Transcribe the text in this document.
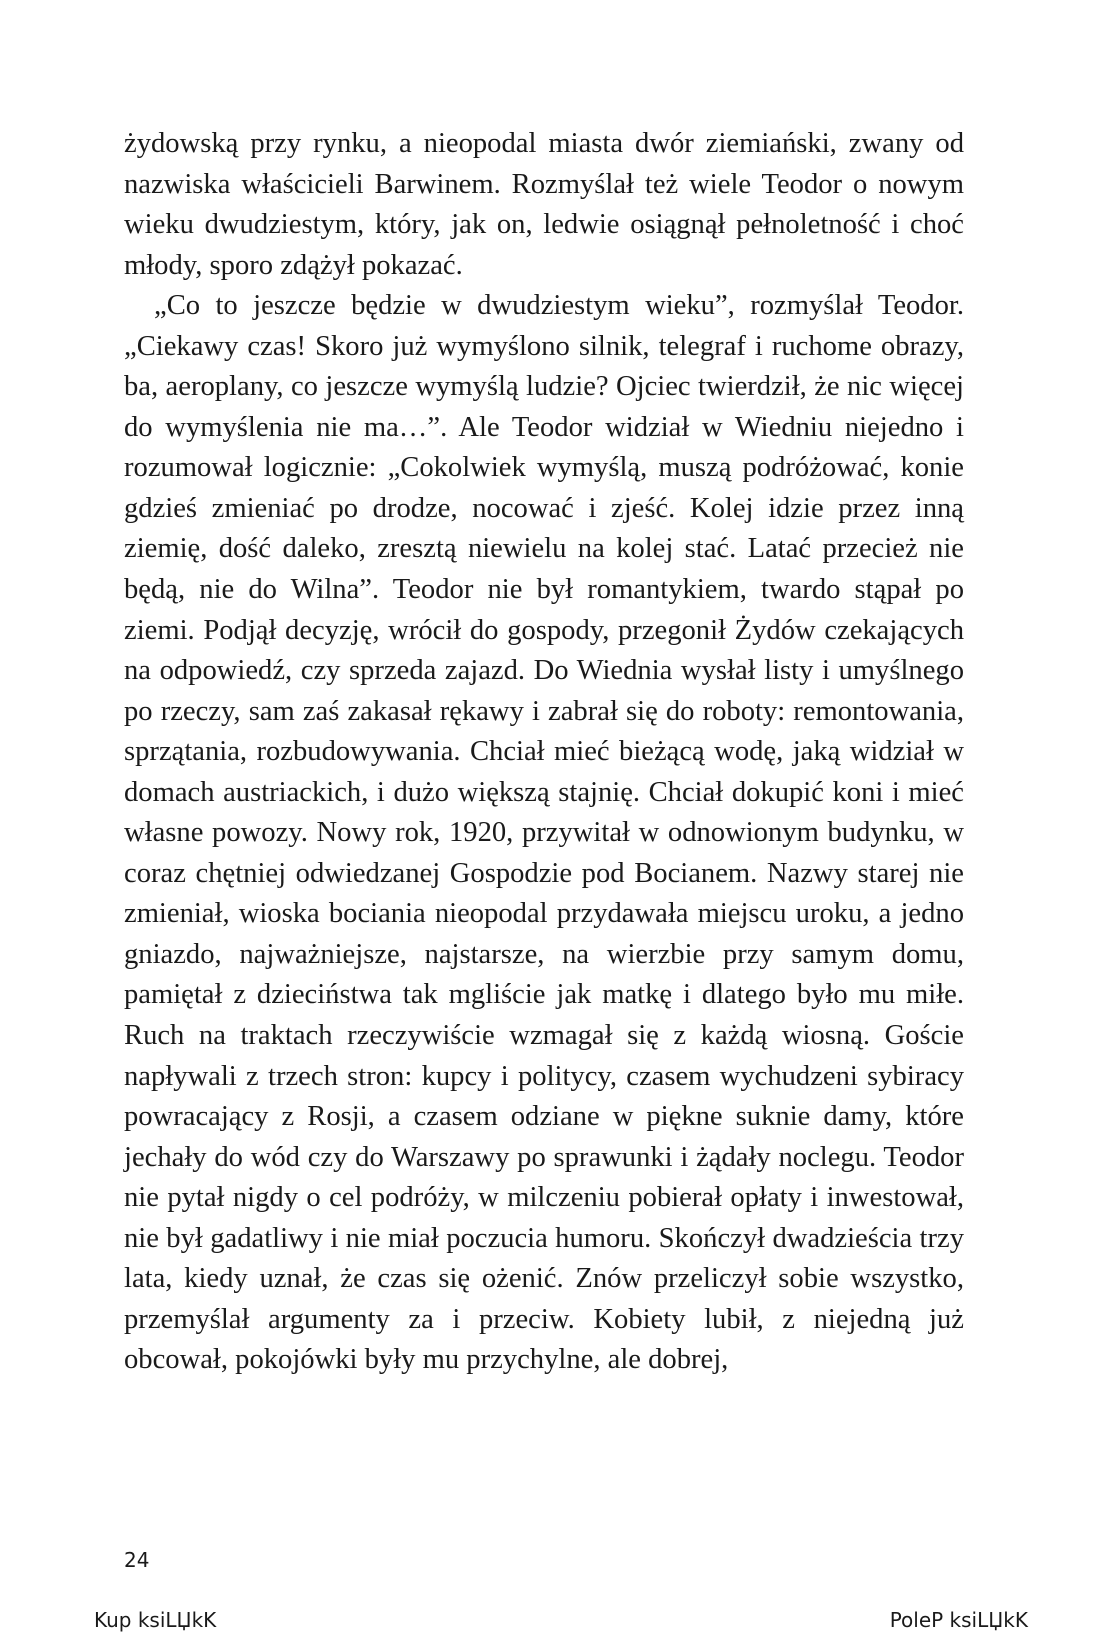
żydowską przy rynku, a nieopodal miasta dwór ziemiański, zwany od nazwiska właścicieli Barwinem. Rozmyślał też wiele Teodor o nowym wieku dwudziestym, który, jak on, ledwie osiągnął pełnoletność i choć młody, sporo zdążył pokazać.

„Co to jeszcze będzie w dwudziestym wieku”, rozmyślał Teodor. „Ciekawy czas! Skoro już wymyślono silnik, telegraf i ruchome obrazy, ba, aeroplany, co jeszcze wymyślą ludzie? Ojciec twierdził, że nic więcej do wymyślenia nie ma…”. Ale Teodor widział w Wiedniu niejedno i rozumował logicznie: „Cokolwiek wymyślą, muszą podróżować, konie gdzieś zmieniać po drodze, nocować i zjeść. Kolej idzie przez inną ziemię, dość daleko, zresztą niewielu na kolej stać. Latać przecież nie będą, nie do Wilna”. Teodor nie był romantykiem, twardo stąpał po ziemi. Podjął decyzję, wrócił do gospody, przegonił Żydów czekających na odpowiedź, czy sprzeda zajazd. Do Wiednia wysłał listy i umyślnego po rzeczy, sam zaś zakasał rękawy i zabrał się do roboty: remontowania, sprzątania, rozbudowywania. Chciał mieć bieżącą wodę, jaką widział w domach austriackich, i dużo większą stajnię. Chciał dokupić koni i mieć własne powozy. Nowy rok, 1920, przywitał w odnowionym budynku, w coraz chętniej odwiedzanej Gospodzie pod Bocianem. Nazwy starej nie zmieniał, wioska bociania nieopodal przydawała miejscu uroku, a jedno gniazdo, najważniejsze, najstarsze, na wierzbie przy samym domu, pamiętał z dzieciństwa tak mgliście jak matkę i dlatego było mu miłe. Ruch na traktach rzeczywiście wzmagał się z każdą wiosną. Goście napływali z trzech stron: kupcy i politycy, czasem wychudzeni sybiracy powracający z Rosji, a czasem odziane w piękne suknie damy, które jechały do wód czy do Warszawy po sprawunki i żądały noclegu. Teodor nie pytał nigdy o cel podróży, w milczeniu pobierał opłaty i inwestował, nie był gadatliwy i nie miał poczucia humoru. Skończył dwadzieścia trzy lata, kiedy uznał, że czas się ożenić. Znów przeliczył sobie wszystko, przemyślał argumenty za i przeciw. Kobiety lubił, z niejedną już obcował, pokojówki były mu przychylne, ale dobrej,

24
Kup ksiLЏkK	PoleP ksiLЏkK
